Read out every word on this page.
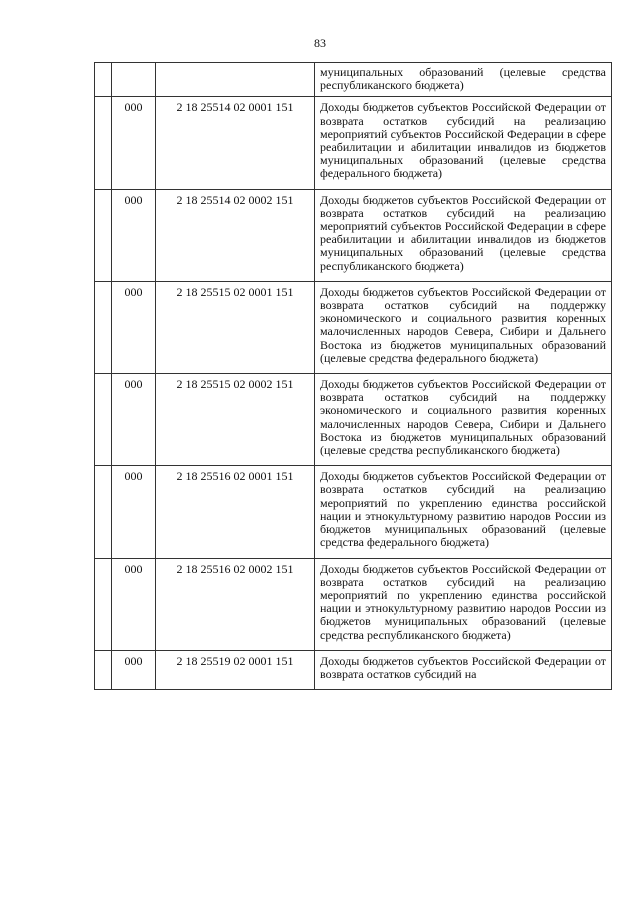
83
			муниципальных образований (целевые средства республиканского бюджета)
	000	2 18 25514 02 0001 151	Доходы бюджетов субъектов Российской Федерации от возврата остатков субсидий на реализацию мероприятий субъектов Российской Федерации в сфере реабилитации и абилитации инвалидов из бюджетов муниципальных образований (целевые средства федерального бюджета)
	000	2 18 25514 02 0002 151	Доходы бюджетов субъектов Российской Федерации от возврата остатков субсидий на реализацию мероприятий субъектов Российской Федерации в сфере реабилитации и абилитации инвалидов из бюджетов муниципальных образований (целевые средства республиканского бюджета)
	000	2 18 25515 02 0001 151	Доходы бюджетов субъектов Российской Федерации от возврата остатков субсидий на поддержку экономического и социального развития коренных малочисленных народов Севера, Сибири и Дальнего Востока из бюджетов муниципальных образований (целевые средства федерального бюджета)
	000	2 18 25515 02 0002 151	Доходы бюджетов субъектов Российской Федерации от возврата остатков субсидий на поддержку экономического и социального развития коренных малочисленных народов Севера, Сибири и Дальнего Востока из бюджетов муниципальных образований (целевые средства республиканского бюджета)
	000	2 18 25516 02 0001 151	Доходы бюджетов субъектов Российской Федерации от возврата остатков субсидий на реализацию мероприятий по укреплению единства российской нации и этнокультурному развитию народов России из бюджетов муниципальных образований (целевые средства федерального бюджета)
	000	2 18 25516 02 0002 151	Доходы бюджетов субъектов Российской Федерации от возврата остатков субсидий на реализацию мероприятий по укреплению единства российской нации и этнокультурному развитию народов России из бюджетов муниципальных образований (целевые средства республиканского бюджета)
	000	2 18 25519 02 0001 151	Доходы бюджетов субъектов Российской Федерации от возврата остатков субсидий на
